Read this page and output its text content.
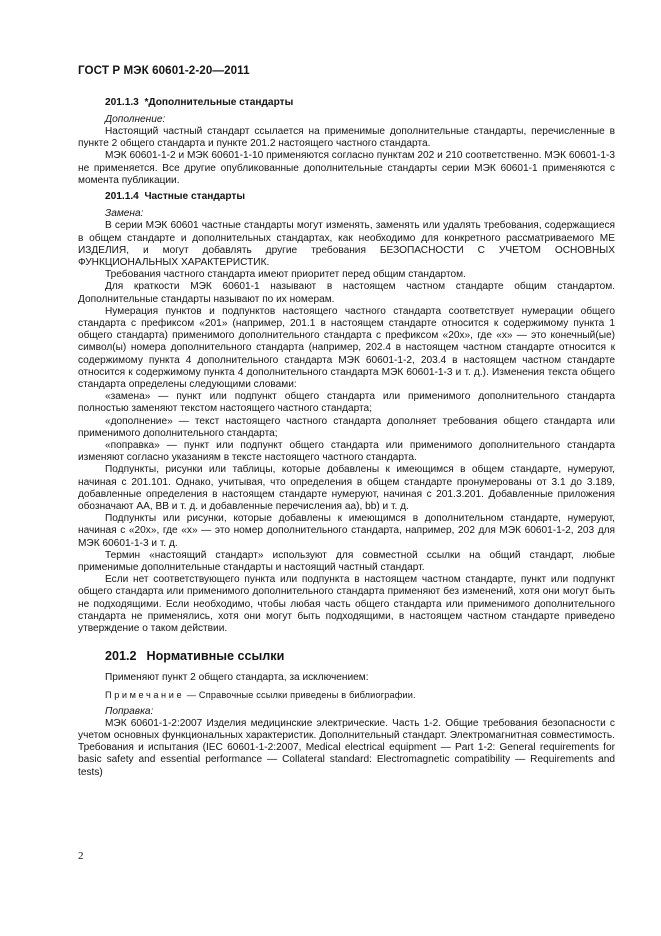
ГОСТ Р МЭК 60601-2-20—2011

201.1.3 *Дополнительные стандарты

Дополнение:

Настоящий частный стандарт ссылается на применимые дополнительные стандарты, перечисленные в пункте 2 общего стандарта и пункте 201.2 настоящего частного стандарта.

МЭК 60601-1-2 и МЭК 60601-1-10 применяются согласно пунктам 202 и 210 соответственно. МЭК 60601-1-3 не применяется. Все другие опубликованные дополнительные стандарты серии МЭК 60601-1 применяются с момента публикации.

201.1.4 Частные стандарты

Замена:

В серии МЭК 60601 частные стандарты могут изменять, заменять или удалять требования, содержащиеся в общем стандарте и дополнительных стандартах, как необходимо для конкретного рассматриваемого МЕ ИЗДЕЛИЯ, и могут добавлять другие требования БЕЗОПАСНОСТИ С УЧЕТОМ ОСНОВНЫХ ФУНКЦИОНАЛЬНЫХ ХАРАКТЕРИСТИК.

Требования частного стандарта имеют приоритет перед общим стандартом.

Для краткости МЭК 60601-1 называют в настоящем частном стандарте общим стандартом. Дополнительные стандарты называют по их номерам.

Нумерация пунктов и подпунктов настоящего частного стандарта соответствует нумерации общего стандарта с префиксом «201» (например, 201.1 в настоящем стандарте относится к содержимому пункта 1 общего стандарта) применимого дополнительного стандарта с префиксом «20x», где «x» — это конечный(ые) символ(ы) номера дополнительного стандарта (например, 202.4 в настоящем частном стандарте относится к содержимому пункта 4 дополнительного стандарта МЭК 60601-1-2, 203.4 в настоящем частном стандарте относится к содержимому пункта 4 дополнительного стандарта МЭК 60601-1-3 и т. д.). Изменения текста общего стандарта определены следующими словами:

«замена» — пункт или подпункт общего стандарта или применимого дополнительного стандарта полностью заменяют текстом настоящего частного стандарта;

«дополнение» — текст настоящего частного стандарта дополняет требования общего стандарта или применимого дополнительного стандарта;

«поправка» — пункт или подпункт общего стандарта или применимого дополнительного стандарта изменяют согласно указаниям в тексте настоящего частного стандарта.

Подпункты, рисунки или таблицы, которые добавлены к имеющимся в общем стандарте, нумеруют, начиная с 201.101. Однако, учитывая, что определения в общем стандарте пронумерованы от 3.1 до 3.189, добавленные определения в настоящем стандарте нумеруют, начиная с 201.3.201. Добавленные приложения обозначают АА, ВВ и т. д. и добавленные перечисления аа), bb) и т. д.

Подпункты или рисунки, которые добавлены к имеющимся в дополнительном стандарте, нумеруют, начиная с «20x», где «x» — это номер дополнительного стандарта, например, 202 для МЭК 60601-1-2, 203 для МЭК 60601-1-3 и т. д.

Термин «настоящий стандарт» используют для совместной ссылки на общий стандарт, любые применимые дополнительные стандарты и настоящий частный стандарт.

Если нет соответствующего пункта или подпункта в настоящем частном стандарте, пункт или подпункт общего стандарта или применимого дополнительного стандарта применяют без изменений, хотя они могут быть не подходящими. Если необходимо, чтобы любая часть общего стандарта или применимого дополнительного стандарта не применялись, хотя они могут быть подходящими, в настоящем частном стандарте приведено утверждение о таком действии.

201.2 Нормативные ссылки

Применяют пункт 2 общего стандарта, за исключением:

Примечание — Справочные ссылки приведены в библиографии.

Поправка:

МЭК 60601-1-2:2007 Изделия медицинские электрические. Часть 1-2. Общие требования безопасности с учетом основных функциональных характеристик. Дополнительный стандарт. Электромагнитная совместимость. Требования и испытания (IEC 60601-1-2:2007, Medical electrical equipment — Part 1-2: General requirements for basic safety and essential performance — Collateral standard: Electromagnetic compatibility — Requirements and tests)

2
